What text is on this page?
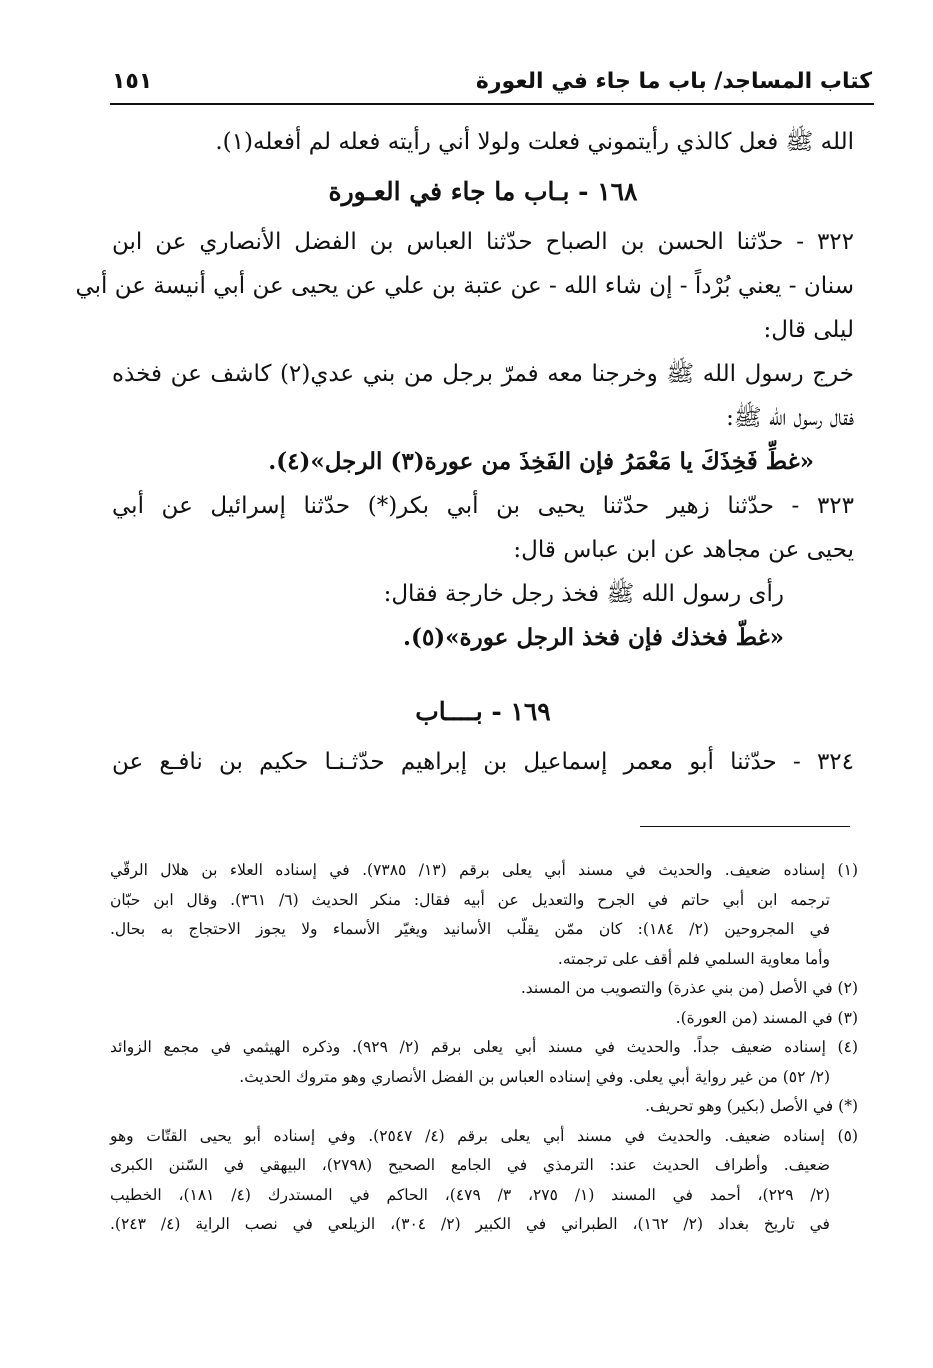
كتاب المساجد/ باب ما جاء في العورة
١٥١
الله ﷺ فعل كالذي رأيتموني فعلت ولولا أني رأيته فعله لم أفعله(١).
١٦٨ - بـاب ما جاء في العـورة
٣٢٢ - حدّثنا الحسن بن الصباح حدّثنا العباس بن الفضل الأنصاري عن ابن
سنان - يعني بُرْداً - إن شاء الله - عن عتبة بن علي عن يحيى عن أبي أنيسة عن أبي
ليلى قال:
خرج رسول الله ﷺ وخرجنا معه فمرّ برجل من بني عدي(٢) كاشف عن فخذه
فقال رسول الله ﷺ:
«غطِّ فَخِذَكَ يا مَعْمَرُ فإن الفَخِذَ من عورة(٣) الرجل»(٤).
٣٢٣ - حدّثنا زهير حدّثنا يحيى بن أبي بكر(*) حدّثنا إسرائيل عن أبي
يحيى عن مجاهد عن ابن عباس قال:
رأى رسول الله ﷺ فخذ رجل خارجة فقال:
«غطّ فخذك فإن فخذ الرجل عورة»(٥).
١٦٩ - بــــاب
٣٢٤ - حدّثنا أبو معمر إسماعيل بن إبراهيم حدّثـنـا حكيم بن نافـع عن
(١) إسناده ضعيف. والحديث في مسند أبي يعلى برقم (١٣/ ٧٣٨٥). في إسناده العلاء بن هلال الرقّي
ترجمه ابن أبي حاتم في الجرح والتعديل عن أبيه فقال: منكر الحديث (٦/ ٣٦١). وقال ابن حبّان
في المجروحين (٢/ ١٨٤): كان ممّن يقلّب الأسانيد ويغيّر الأسماء ولا يجوز الاحتجاج به بحال.
وأما معاوية السلمي فلم أقف على ترجمته.
(٢) في الأصل (من بني عذرة) والتصويب من المسند.
(٣) في المسند (من العورة).
(٤) إسناده ضعيف جداً. والحديث في مسند أبي يعلى برقم (٢/ ٩٢٩). وذكره الهيثمي في مجمع الزوائد
(٢/ ٥٢) من غير رواية أبي يعلى. وفي إسناده العباس بن الفضل الأنصاري وهو متروك الحديث.
(*) في الأصل (بكير) وهو تحريف.
(٥) إسناده ضعيف. والحديث في مسند أبي يعلى برقم (٤/ ٢٥٤٧). وفي إسناده أبو يحيى القتّات وهو
ضعيف. وأطراف الحديث عند: الترمذي في الجامع الصحيح (٢٧٩٨)، البيهقي في السّنن الكبرى
(٢/ ٢٢٩)، أحمد في المسند (١/ ٢٧٥، ٣/ ٤٧٩)، الحاكم في المستدرك (٤/ ١٨١)، الخطيب
في تاريخ بغداد (٢/ ١٦٢)، الطبراني في الكبير (٢/ ٣٠٤)، الزيلعي في نصب الراية (٤/ ٢٤٣).
